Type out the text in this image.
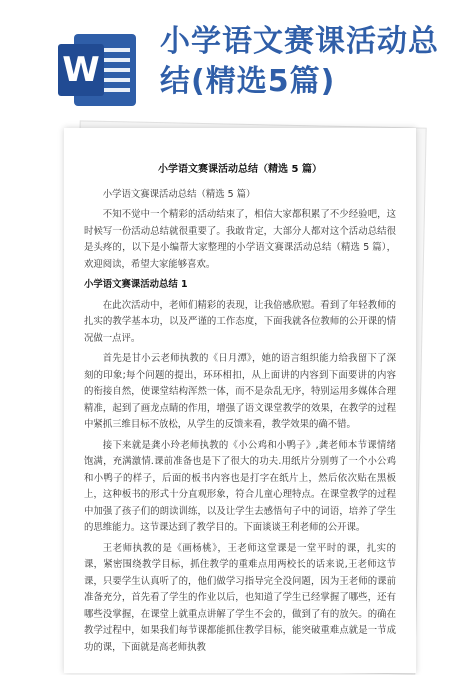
W
小学语文赛课活动总结(精选5篇)
小学语文赛课活动总结（精选 5 篇）

小学语文赛课活动总结（精选 5 篇）

不知不觉中一个精彩的活动结束了，相信大家都积累了不少经验吧，这时候写一份活动总结就很重要了。我敢肯定，大部分人都对这个活动总结很是头疼的，以下是小编帮大家整理的小学语文赛课活动总结（精选 5 篇），欢迎阅读，希望大家能够喜欢。

小学语文赛课活动总结 1

在此次活动中，老师们精彩的表现，让我倍感欣慰。看到了年轻教师的扎实的教学基本功，以及严谨的工作态度，下面我就各位教师的公开课的情况做一点评。

首先是甘小云老师执教的《日月潭》，她的语言组织能力给我留下了深刻的印象;每个问题的提出，环环相扣，从上面讲的内容到下面要讲的内容的衔接自然，使课堂结构浑然一体，而不是杂乱无序，特别运用多媒体合理精准，起到了画龙点睛的作用，增强了语文课堂教学的效果，在教学的过程中紧抓三维目标不放松，从学生的反馈来看，教学效果的确不错。

接下来就是龚小玲老师执教的《小公鸡和小鸭子》,龚老师本节课情绪饱满，充满激情.课前准备也是下了很大的功夫.用纸片分别剪了一个小公鸡和小鸭子的样子，后面的板书内容也是打字在纸片上，然后依次贴在黑板上，这种板书的形式十分直观形象，符合儿童心理特点。在课堂教学的过程中加强了孩子们的朗读训练，以及让学生去感悟句子中的词语，培养了学生的思维能力。这节课达到了教学目的。下面谈谈王利老师的公开课。

王老师执教的是《画杨桃》，王老师这堂课是一堂平时的课，扎实的课，紧密围绕教学目标，抓住教学的重难点用两校长的话来说,王老师这节课，只要学生认真听了的，他们做学习指导完全没问题，因为王老师的课前准备充分，首先看了学生的作业以后，也知道了学生已经掌握了哪些，还有哪些没掌握，在课堂上就重点讲解了学生不会的，做到了有的放矢。的确在教学过程中，如果我们每节课都能抓住教学目标，能突破重难点就是一节成功的课，下面就是高老师执教
